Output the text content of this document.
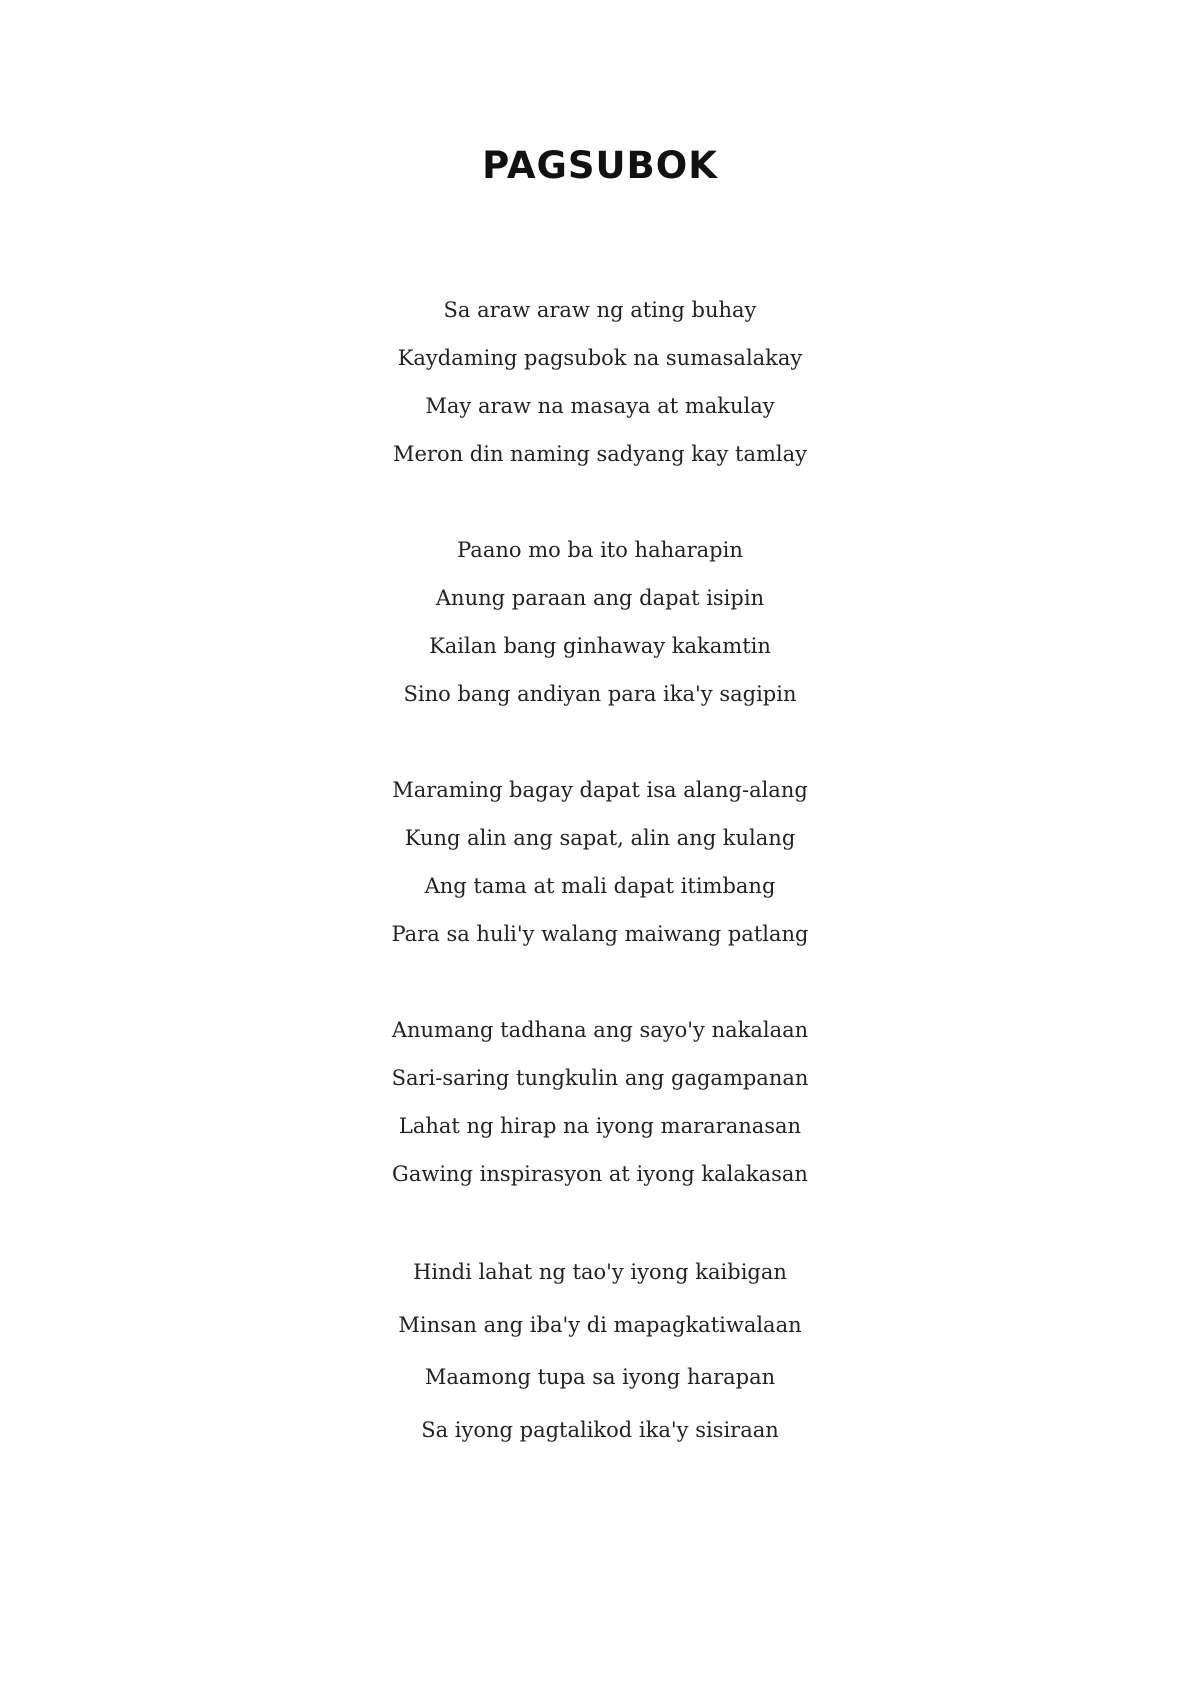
PAGSUBOK
Sa araw araw ng ating buhay
Kaydaming pagsubok na sumasalakay
May araw na masaya at makulay
Meron din naming sadyang kay tamlay
Paano mo ba ito haharapin
Anung paraan ang dapat isipin
Kailan bang ginhaway kakamtin
Sino bang andiyan para ika'y sagipin
Maraming bagay dapat isa alang-alang
Kung alin ang sapat, alin ang kulang
Ang tama at mali dapat itimbang
Para sa huli'y walang maiwang patlang
Anumang tadhana ang sayo'y nakalaan
Sari-saring tungkulin ang gagampanan
Lahat ng hirap na iyong mararanasan
Gawing inspirasyon at iyong kalakasan
Hindi lahat ng tao'y iyong kaibigan
Minsan ang iba'y di mapagkatiwalaan
Maamong tupa sa iyong harapan
Sa iyong pagtalikod ika'y sisiraan
